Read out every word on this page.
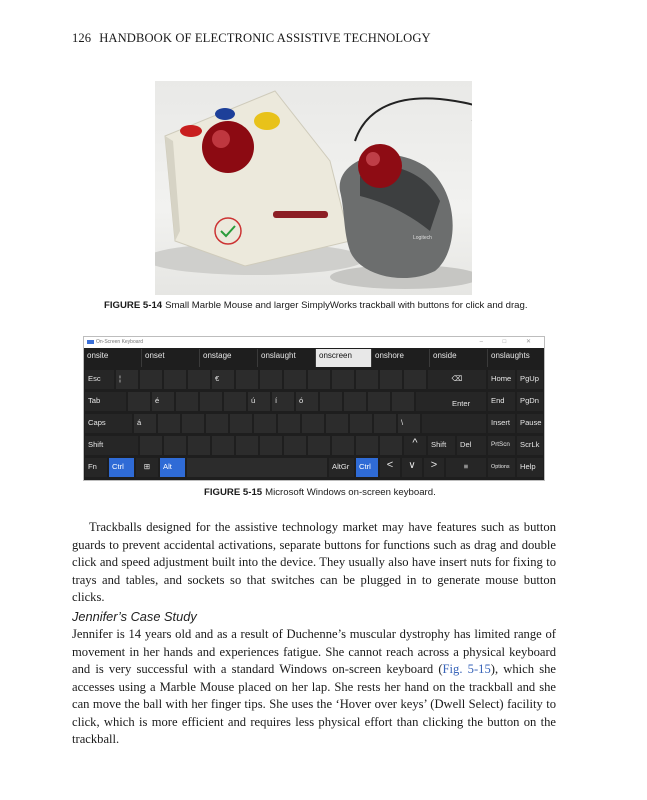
126 HANDBOOK OF ELECTRONIC ASSISTIVE TECHNOLOGY
Logitech
FIGURE 5-14 Small Marble Mouse and larger SimplyWorks trackball with buttons for click and drag.
On-Screen Keyboard	– □ ✕
onsite	onset	onstage	onslaught	onscreen	onshore	onside	onslaughts
Esc	¦	€	⌫	Home	PgUp
Tab	é	ú	í	ó	Enter	End	PgDn
Caps	á	\	Insert	Pause
Shift	^	Shift	Del	PrtScn	ScrLk
Fn	Ctrl	⊞	Alt	AltGr	Ctrl	<	∨	>	≡	Options	Help
FIGURE 5-15 Microsoft Windows on-screen keyboard.
Trackballs designed for the assistive technology market may have features such as button guards to prevent accidental activations, separate buttons for functions such as drag and double click and speed adjustment built into the device. They usually also have insert nuts for fixing to trays and tables, and sockets so that switches can be plugged in to generate mouse button clicks.
Jennifer’s Case Study
Jennifer is 14 years old and as a result of Duchenne’s muscular dystrophy has limited range of movement in her hands and experiences fatigue. She cannot reach across a physical keyboard and is very successful with a standard Windows on-screen keyboard (Fig. 5-15), which she accesses using a Marble Mouse placed on her lap. She rests her hand on the trackball and she can move the ball with her finger tips. She uses the ‘Hover over keys’ (Dwell Select) facility to click, which is more efficient and requires less physical effort than clicking the button on the trackball.
